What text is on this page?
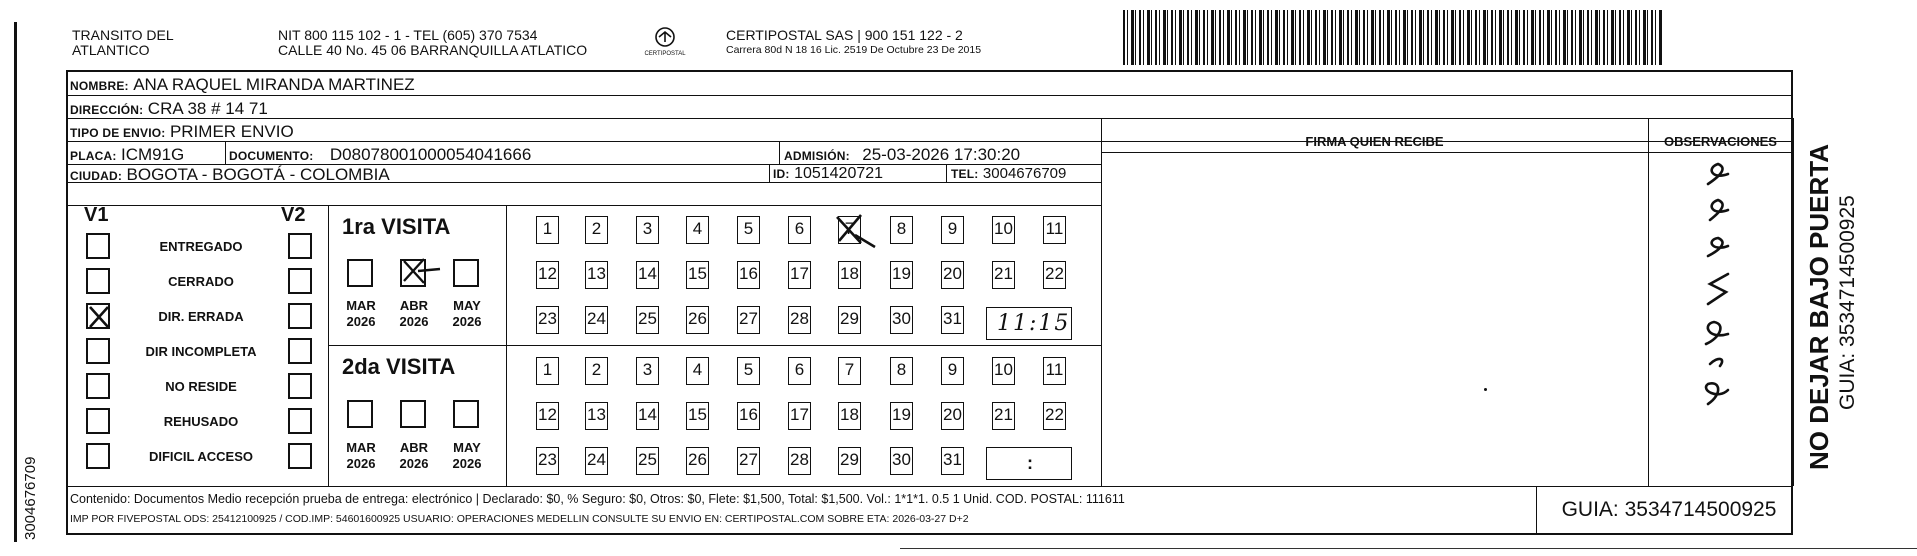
3004676709
TRANSITO DEL
ATLANTICO
NIT 800 115 102 - 1 - TEL (605) 370 7534
CALLE 40 No. 45 06 BARRANQUILLA ATLATICO	CERTIPOSTAL
CERTIPOSTAL SAS | 900 151 122 - 2
Carrera 80d N 18 16 Lic. 2519 De Octubre 23 De 2015
NOMBRE: ANA RAQUEL MIRANDA MARTINEZ
DIRECCIÓN: CRA 38 # 14 71
TIPO DE ENVIO: PRIMER ENVIO
FIRMA QUIEN RECIBE	OBSERVACIONES
PLACA: ICM91G	DOCUMENTO: D08078001000054041666	ADMISIÓN: 25-03-2026 17:30:20
CIUDAD: BOGOTA - BOGOTÁ - COLOMBIA	ID: 1051420721	TEL: 3004676709
V1	V2
ENTREGADO
CERRADO
DIR. ERRADA
DIR INCOMPLETA
NO RESIDE
REHUSADO
DIFICIL ACCESO
1ra VISITA
2da VISITA
MAR
2026
ABR
2026
MAY
2026
MAR
2026
ABR
2026
MAY
2026
1	2	3	4	5	6	7	8	9	10 11
12 13 14 15 16 17 18 19 20 21 22
23 24 25 26 27 28 29 30 31
1	2	3	4	5	6	7	8	9	10 11
12 13 14 15 16 17 18 19 20 21 22
23 24 25 26 27 28 29 30 31
11:15
:	NO DEJAR BAJO PUERTA GUIA: 3534714500925
Contenido: Documentos Medio recepción prueba de entrega: electrónico | Declarado: $0, % Seguro: $0, Otros: $0, Flete: $1,500, Total: $1,500. Vol.: 1*1*1. 0.5 1 Unid. COD. POSTAL: 111611
IMP POR FIVEPOSTAL ODS: 25412100925 / COD.IMP: 54601600925 USUARIO: OPERACIONES MEDELLIN CONSULTE SU ENVIO EN: CERTIPOSTAL.COM SOBRE ETA: 2026-03-27 D+2	GUIA: 3534714500925
